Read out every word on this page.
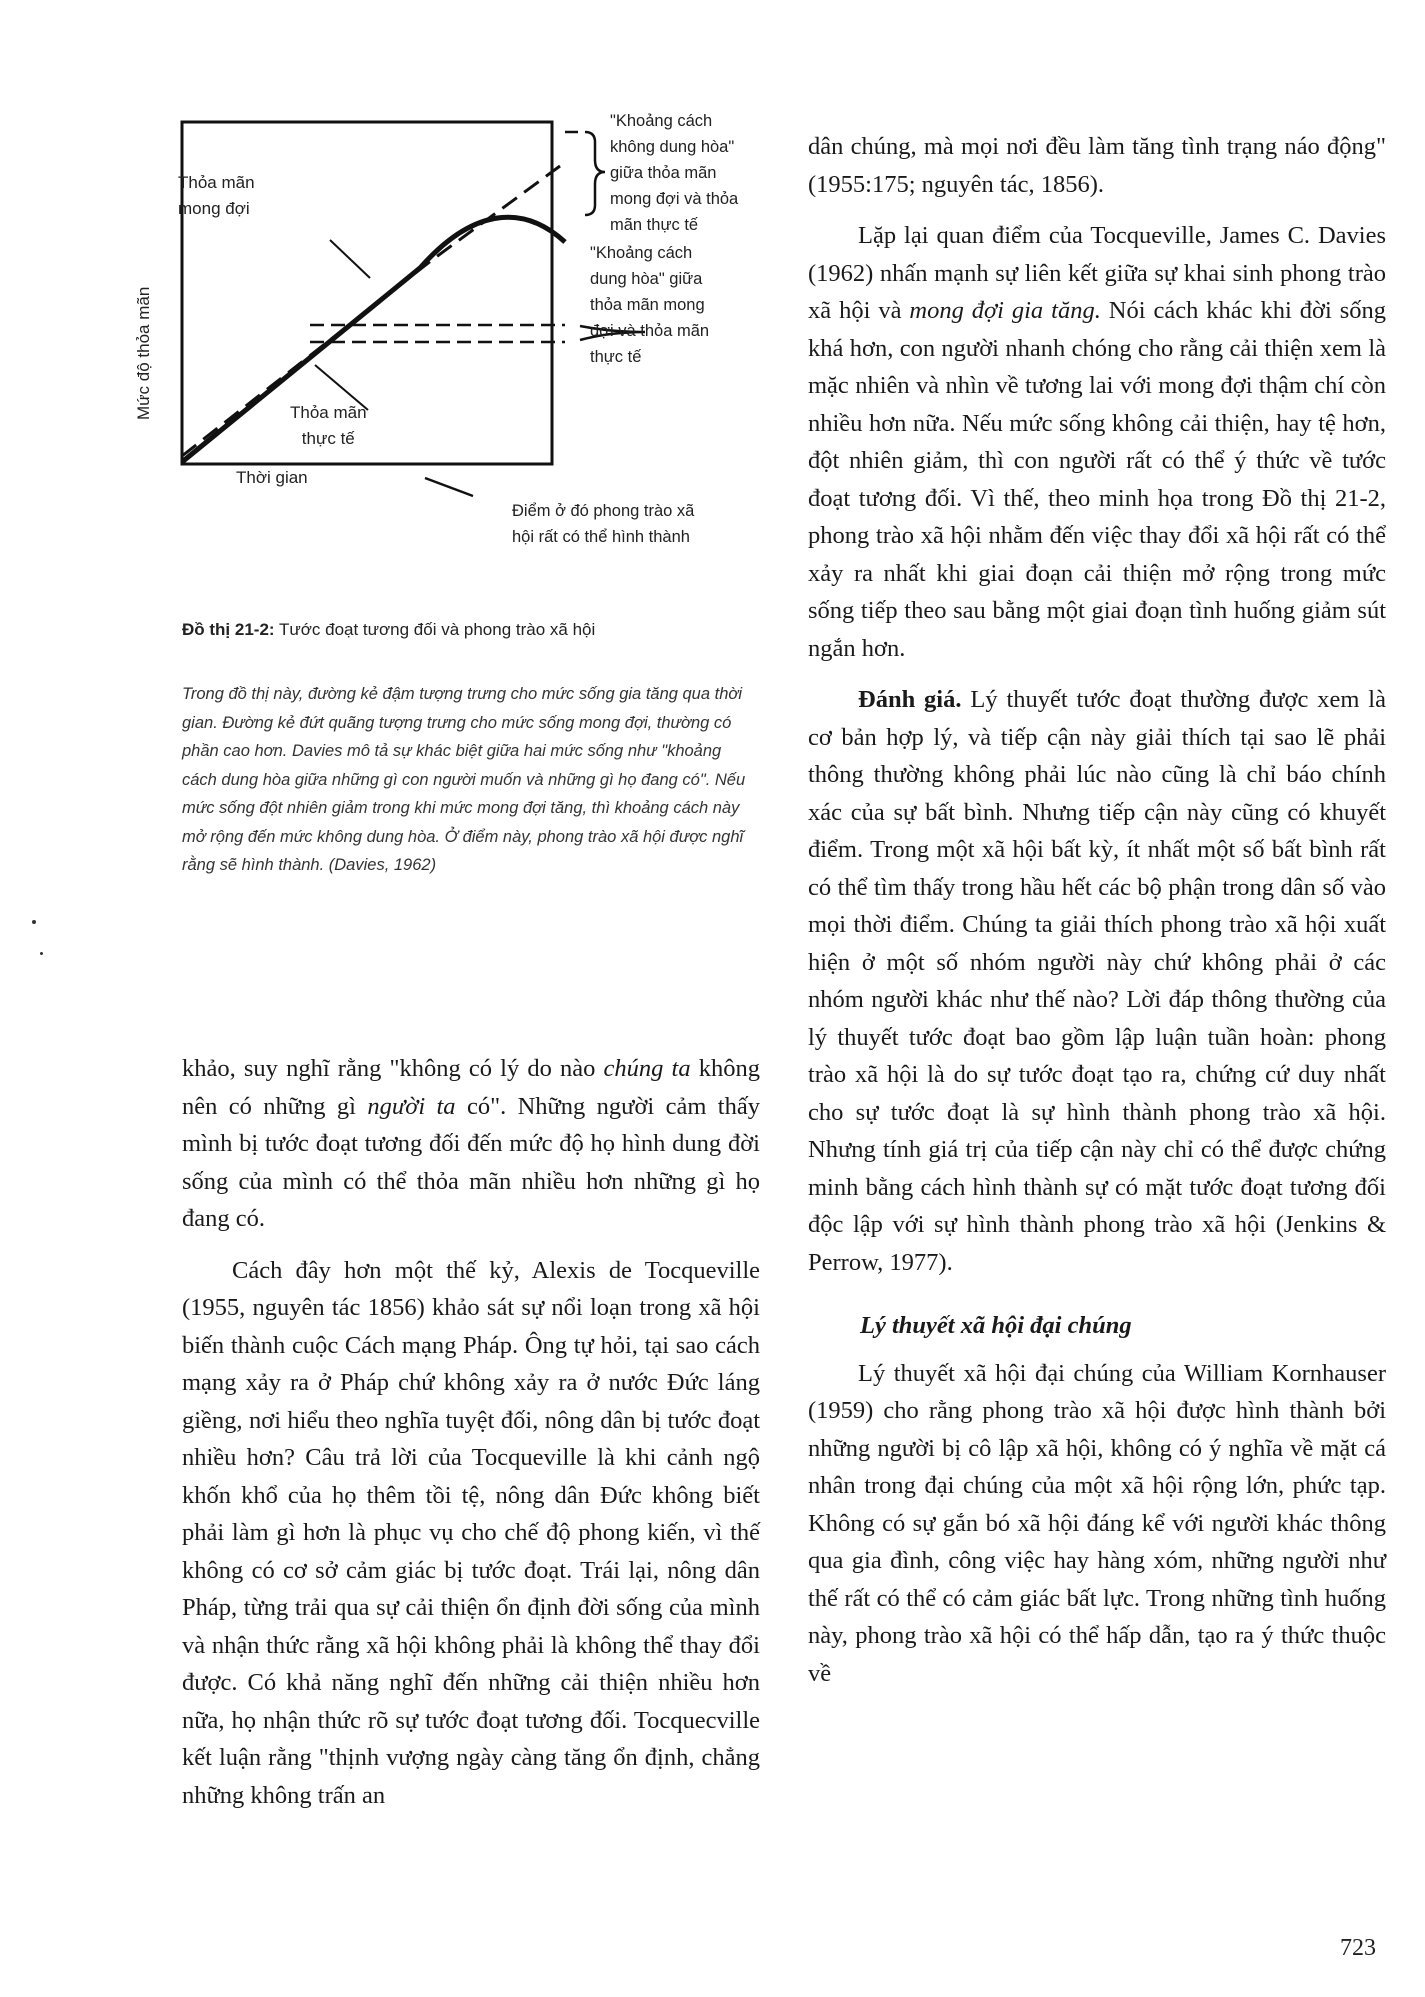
Mức độ thỏa mãn
Thỏa mãn
mong đợi
Thỏa mãn
thực tế
Thời gian
"Khoảng cách
không dung hòa"
giữa thỏa mãn
mong đợi và thỏa
mãn thực tế
"Khoảng cách
dung hòa" giữa
thỏa mãn mong
đợi và thỏa mãn
thực tế
Điểm ở đó phong trào xã
hội rất có thể hình thành
Đồ thị 21-2: Tước đoạt tương đối và phong trào xã hội
Trong đồ thị này, đường kẻ đậm tượng trưng cho mức sống gia tăng qua thời gian. Đường kẻ đứt quãng tượng trưng cho mức sống mong đợi, thường có phần cao hơn. Davies mô tả sự khác biệt giữa hai mức sống như "khoảng cách dung hòa giữa những gì con người muốn và những gì họ đang có". Nếu mức sống đột nhiên giảm trong khi mức mong đợi tăng, thì khoảng cách này mở rộng đến mức không dung hòa. Ở điểm này, phong trào xã hội được nghĩ rằng sẽ hình thành. (Davies, 1962)

khảo, suy nghĩ rằng "không có lý do nào chúng ta không nên có những gì người ta có". Những người cảm thấy mình bị tước đoạt tương đối đến mức độ họ hình dung đời sống của mình có thể thỏa mãn nhiều hơn những gì họ đang có.

Cách đây hơn một thế kỷ, Alexis de Tocqueville (1955, nguyên tác 1856) khảo sát sự nổi loạn trong xã hội biến thành cuộc Cách mạng Pháp. Ông tự hỏi, tại sao cách mạng xảy ra ở Pháp chứ không xảy ra ở nước Đức láng giềng, nơi hiểu theo nghĩa tuyệt đối, nông dân bị tước đoạt nhiều hơn? Câu trả lời của Tocqueville là khi cảnh ngộ khốn khổ của họ thêm tồi tệ, nông dân Đức không biết phải làm gì hơn là phục vụ cho chế độ phong kiến, vì thế không có cơ sở cảm giác bị tước đoạt. Trái lại, nông dân Pháp, từng trải qua sự cải thiện ổn định đời sống của mình và nhận thức rằng xã hội không phải là không thể thay đổi được. Có khả năng nghĩ đến những cải thiện nhiều hơn nữa, họ nhận thức rõ sự tước đoạt tương đối. Tocquecville kết luận rằng "thịnh vượng ngày càng tăng ổn định, chẳng những không trấn an

dân chúng, mà mọi nơi đều làm tăng tình trạng náo động" (1955:175; nguyên tác, 1856).

Lặp lại quan điểm của Tocqueville, James C. Davies (1962) nhấn mạnh sự liên kết giữa sự khai sinh phong trào xã hội và mong đợi gia tăng. Nói cách khác khi đời sống khá hơn, con người nhanh chóng cho rằng cải thiện xem là mặc nhiên và nhìn về tương lai với mong đợi thậm chí còn nhiều hơn nữa. Nếu mức sống không cải thiện, hay tệ hơn, đột nhiên giảm, thì con người rất có thể ý thức về tước đoạt tương đối. Vì thế, theo minh họa trong Đồ thị 21-2, phong trào xã hội nhằm đến việc thay đổi xã hội rất có thể xảy ra nhất khi giai đoạn cải thiện mở rộng trong mức sống tiếp theo sau bằng một giai đoạn tình huống giảm sút ngắn hơn.

Đánh giá. Lý thuyết tước đoạt thường được xem là cơ bản hợp lý, và tiếp cận này giải thích tại sao lẽ phải thông thường không phải lúc nào cũng là chỉ báo chính xác của sự bất bình. Nhưng tiếp cận này cũng có khuyết điểm. Trong một xã hội bất kỳ, ít nhất một số bất bình rất có thể tìm thấy trong hầu hết các bộ phận trong dân số vào mọi thời điểm. Chúng ta giải thích phong trào xã hội xuất hiện ở một số nhóm người này chứ không phải ở các nhóm người khác như thế nào? Lời đáp thông thường của lý thuyết tước đoạt bao gồm lập luận tuần hoàn: phong trào xã hội là do sự tước đoạt tạo ra, chứng cứ duy nhất cho sự tước đoạt là sự hình thành phong trào xã hội. Nhưng tính giá trị của tiếp cận này chỉ có thể được chứng minh bằng cách hình thành sự có mặt tước đoạt tương đối độc lập với sự hình thành phong trào xã hội (Jenkins & Perrow, 1977).

Lý thuyết xã hội đại chúng

Lý thuyết xã hội đại chúng của William Kornhauser (1959) cho rằng phong trào xã hội được hình thành bởi những người bị cô lập xã hội, không có ý nghĩa về mặt cá nhân trong đại chúng của một xã hội rộng lớn, phức tạp. Không có sự gắn bó xã hội đáng kể với người khác thông qua gia đình, công việc hay hàng xóm, những người như thế rất có thể có cảm giác bất lực. Trong những tình huống này, phong trào xã hội có thể hấp dẫn, tạo ra ý thức thuộc về

723
